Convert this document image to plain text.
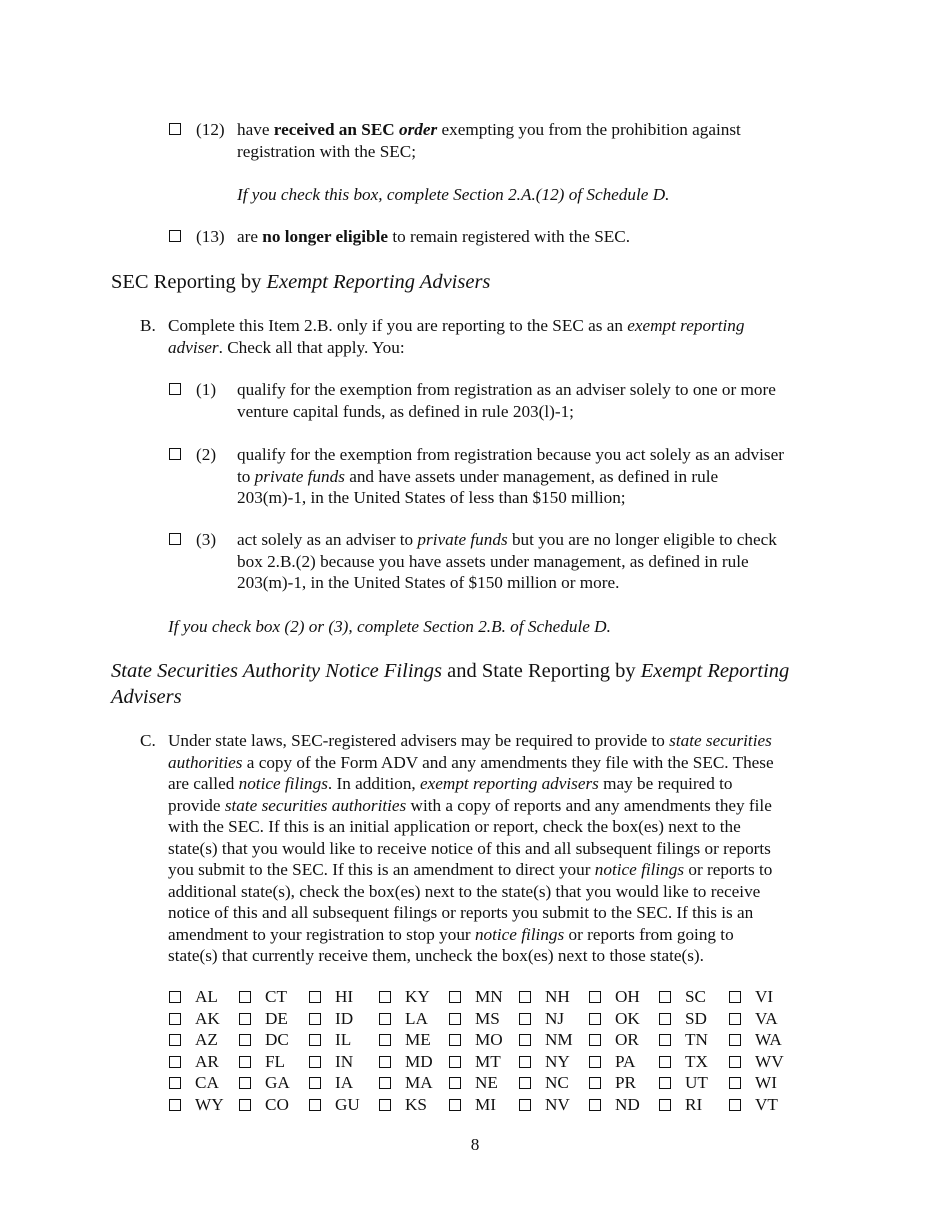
(12) have received an SEC order exempting you from the prohibition against
registration with the SEC;
If you check this box, complete Section 2.A.(12) of Schedule D.
(13) are no longer eligible to remain registered with the SEC.
SEC Reporting by Exempt Reporting Advisers
B. Complete this Item 2.B. only if you are reporting to the SEC as an exempt reporting
adviser. Check all that apply. You:
(1) qualify for the exemption from registration as an adviser solely to one or more
venture capital funds, as defined in rule 203(l)-1;
(2) qualify for the exemption from registration because you act solely as an adviser
to private funds and have assets under management, as defined in rule
203(m)-1, in the United States of less than $150 million;
(3) act solely as an adviser to private funds but you are no longer eligible to check
box 2.B.(2) because you have assets under management, as defined in rule
203(m)-1, in the United States of $150 million or more.
If you check box (2) or (3), complete Section 2.B. of Schedule D.
State Securities Authority Notice Filings and State Reporting by Exempt Reporting
Advisers
C. Under state laws, SEC-registered advisers may be required to provide to state securities
authorities a copy of the Form ADV and any amendments they file with the SEC. These
are called notice filings. In addition, exempt reporting advisers may be required to
provide state securities authorities with a copy of reports and any amendments they file
with the SEC. If this is an initial application or report, check the box(es) next to the
state(s) that you would like to receive notice of this and all subsequent filings or reports
you submit to the SEC. If this is an amendment to direct your notice filings or reports to
additional state(s), check the box(es) next to the state(s) that you would like to receive
notice of this and all subsequent filings or reports you submit to the SEC. If this is an
amendment to your registration to stop your notice filings or reports from going to
state(s) that currently receive them, uncheck the box(es) next to those state(s).
AL	CT	HI	KY	MN	NH	OH	SC	VI
AK	DE	ID	LA	MS	NJ	OK	SD	VA
AZ	DC	IL	ME	MO	NM	OR	TN	WA
AR	FL	IN	MD	MT	NY	PA	TX	WV
CA	GA	IA	MA	NE	NC	PR	UT	WI
WY	CO	GU	KS	MI	NV	ND	RI	VT
8
